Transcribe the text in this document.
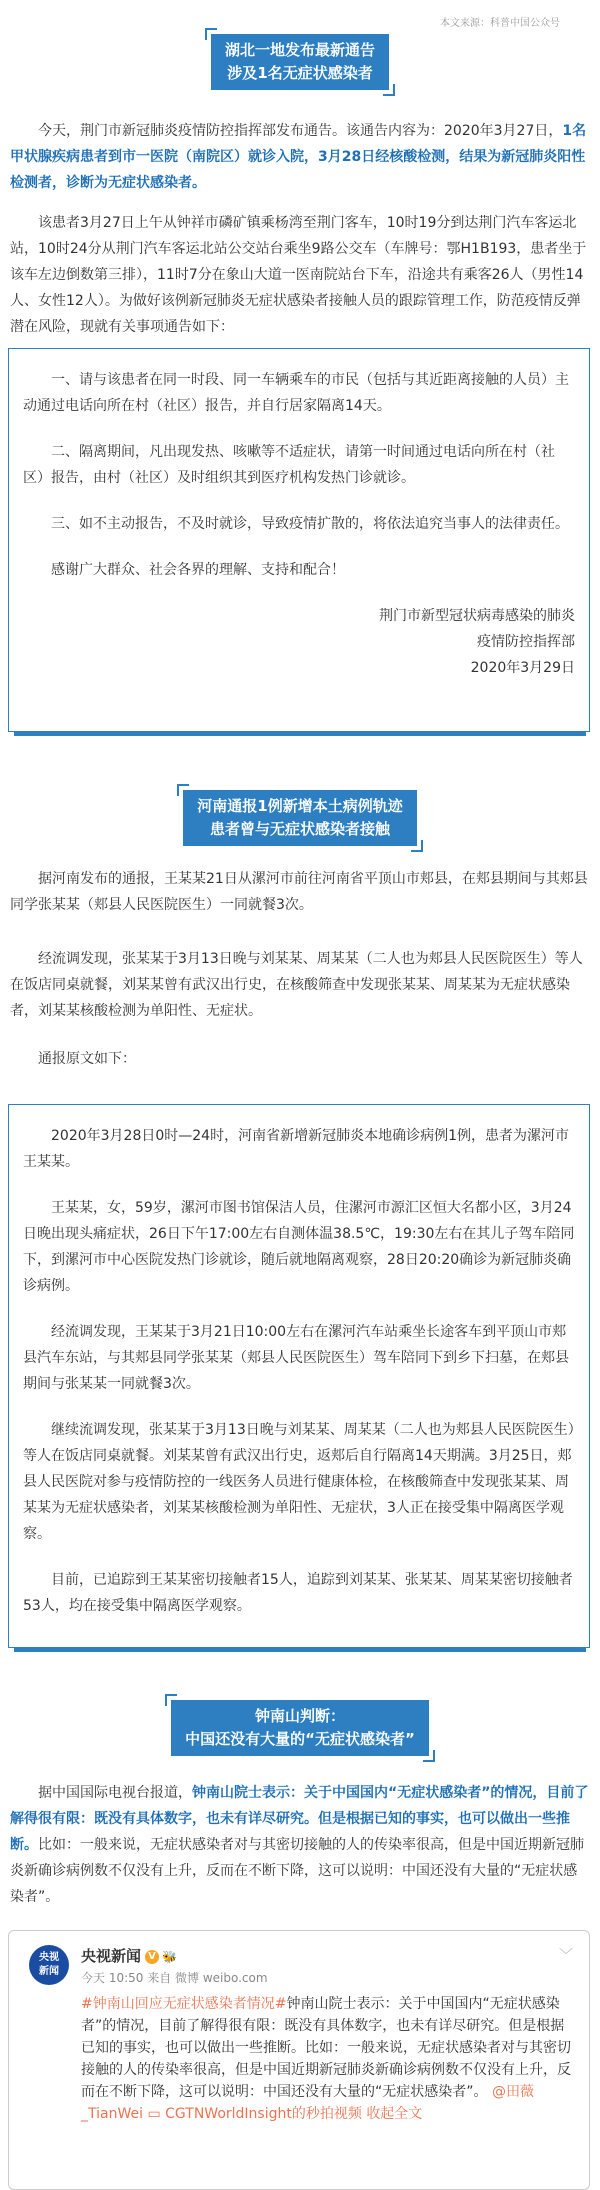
本文来源：科普中国公众号
湖北一地发布最新通告
涉及1名无症状感染者
今天，荆门市新冠肺炎疫情防控指挥部发布通告。该通告内容为：2020年3月27日，1名甲状腺疾病患者到市一医院（南院区）就诊入院，3月28日经核酸检测，结果为新冠肺炎阳性检测者，诊断为无症状感染者。
该患者3月27日上午从钟祥市磷矿镇乘杨湾至荆门客车，10时19分到达荆门汽车客运北站，10时24分从荆门汽车客运北站公交站台乘坐9路公交车（车牌号：鄂H1B193，患者坐于该车左边倒数第三排），11时7分在象山大道一医南院站台下车，沿途共有乘客26人（男性14人、女性12人）。为做好该例新冠肺炎无症状感染者接触人员的跟踪管理工作，防范疫情反弹潜在风险，现就有关事项通告如下：

一、请与该患者在同一时段、同一车辆乘车的市民（包括与其近距离接触的人员）主动通过电话向所在村（社区）报告，并自行居家隔离14天。

二、隔离期间，凡出现发热、咳嗽等不适症状，请第一时间通过电话向所在村（社区）报告，由村（社区）及时组织其到医疗机构发热门诊就诊。

三、如不主动报告，不及时就诊，导致疫情扩散的，将依法追究当事人的法律责任。

感谢广大群众、社会各界的理解、支持和配合！

荆门市新型冠状病毒感染的肺炎

疫情防控指挥部

2020年3月29日

河南通报1例新增本土病例轨迹
患者曾与无症状感染者接触
据河南发布的通报，王某某21日从漯河市前往河南省平顶山市郏县，在郏县期间与其郏县同学张某某（郏县人民医院医生）一同就餐3次。
经流调发现，张某某于3月13日晚与刘某某、周某某（二人也为郏县人民医院医生）等人在饭店同桌就餐，刘某某曾有武汉出行史，在核酸筛查中发现张某某、周某某为无症状感染者，刘某某核酸检测为单阳性、无症状。
通报原文如下：

2020年3月28日0时—24时，河南省新增新冠肺炎本地确诊病例1例，患者为漯河市王某某。

王某某，女，59岁，漯河市图书馆保洁人员，住漯河市源汇区恒大名都小区，3月24日晚出现头痛症状，26日下午17:00左右自测体温38.5℃，19:30左右在其儿子驾车陪同下，到漯河市中心医院发热门诊就诊，随后就地隔离观察，28日20:20确诊为新冠肺炎确诊病例。

经流调发现，王某某于3月21日10:00左右在漯河汽车站乘坐长途客车到平顶山市郏县汽车东站，与其郏县同学张某某（郏县人民医院医生）驾车陪同下到乡下扫墓，在郏县期间与张某某一同就餐3次。

继续流调发现，张某某于3月13日晚与刘某某、周某某（二人也为郏县人民医院医生）等人在饭店同桌就餐。刘某某曾有武汉出行史，返郏后自行隔离14天期满。3月25日，郏县人民医院对参与疫情防控的一线医务人员进行健康体检，在核酸筛查中发现张某某、周某某为无症状感染者，刘某某核酸检测为单阳性、无症状，3人正在接受集中隔离医学观察。

目前，已追踪到王某某密切接触者15人，追踪到刘某某、张某某、周某某密切接触者53人，均在接受集中隔离医学观察。

钟南山判断：
中国还没有大量的“无症状感染者”
据中国国际电视台报道，钟南山院士表示：关于中国国内“无症状感染者”的情况，目前了解得很有限：既没有具体数字，也未有详尽研究。但是根据已知的事实，也可以做出一些推断。比如：一般来说，无症状感染者对与其密切接触的人的传染率很高，但是中国近期新冠肺炎新确诊病例数不仅没有上升，反而在不断下降，这可以说明：中国还没有大量的“无症状感染者”。
央视
新闻
央视新闻 V 🐝
今天 10:50 来自 微博 weibo.com
﹀
#钟南山回应无症状感染者情况#钟南山院士表示：关于中国国内“无症状感染者”的情况，目前了解得很有限：既没有具体数字，也未有详尽研究。但是根据已知的事实，也可以做出一些推断。比如：一般来说，无症状感染者对与其密切接触的人的传染率很高，但是中国近期新冠肺炎新确诊病例数不仅没有上升，反而在不断下降，这可以说明：中国还没有大量的“无症状感染者”。 @田薇_TianWei ▭ CGTNWorldInsight的秒拍视频 收起全文
